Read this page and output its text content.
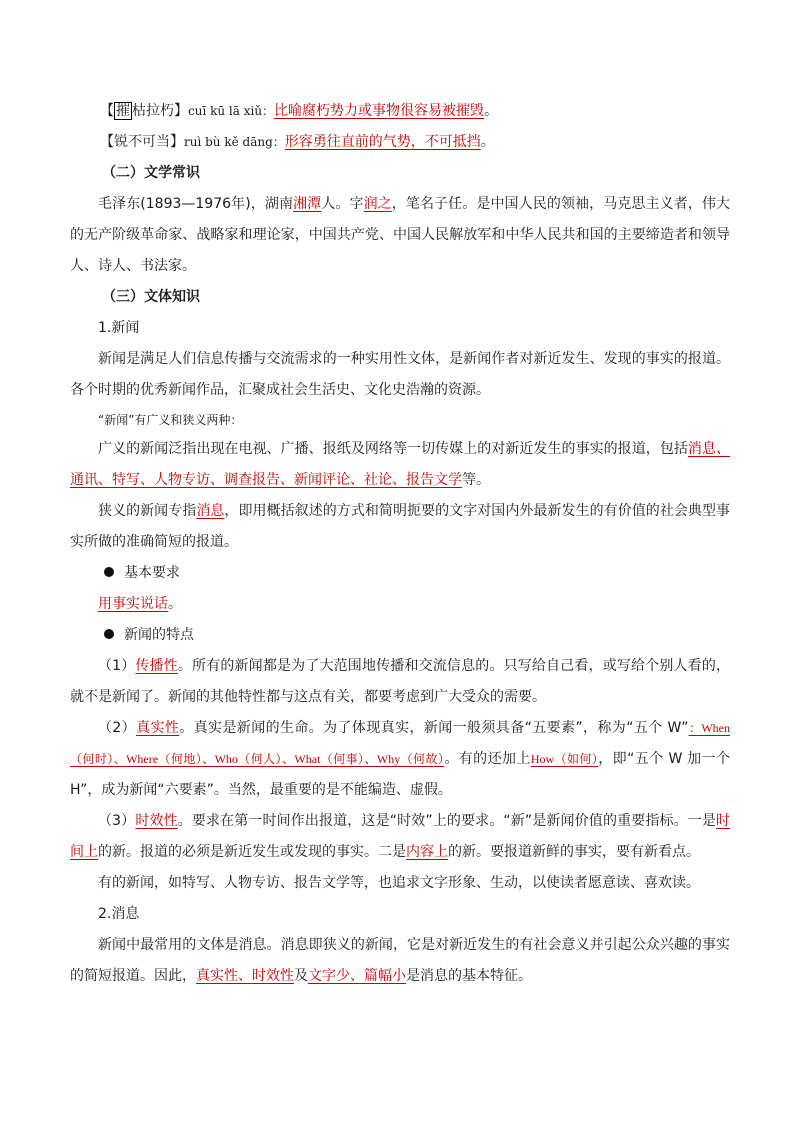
【 摧 枯拉朽】cuī kū lā xiǔ：比喻腐朽势力或事物很容易被摧毁。
【锐不可当】ruì bù kě dāng：形容勇往直前的气势，不可抵挡。
（二）文学常识
毛泽东(1893—1976年)，湖南湘潭人。字润之，笔名子任。是中国人民的领袖，马克思主义者，伟大的无产阶级革命家、战略家和理论家，中国共产党、中国人民解放军和中华人民共和国的主要缔造者和领导人、诗人、书法家。
（三）文体知识
1.新闻
新闻是满足人们信息传播与交流需求的一种实用性文体，是新闻作者对新近发生、发现的事实的报道。各个时期的优秀新闻作品，汇聚成社会生活史、文化史浩瀚的资源。
“新闻”有广义和狭义两种：
广义的新闻泛指出现在电视、广播、报纸及网络等一切传媒上的对新近发生的事实的报道，包括消息、通讯、特写、人物专访、调查报告、新闻评论、社论、报告文学等。
狭义的新闻专指消息，即用概括叙述的方式和简明扼要的文字对国内外最新发生的有价值的社会典型事实所做的准确简短的报道。
基本要求
用事实说话。
新闻的特点
（1）传播性。所有的新闻都是为了大范围地传播和交流信息的。只写给自己看，或写给个别人看的，就不是新闻了。新闻的其他特性都与这点有关，都要考虑到广大受众的需要。
（2）真实性。真实是新闻的生命。为了体现真实，新闻一般须具备“五要素”，称为“五个 W”：When（何时）、Where（何地）、Who（何人）、What（何事）、Why（何故）。有的还加上How（如何），即“五个 W 加一个 H”，成为新闻“六要素”。当然，最重要的是不能编造、虚假。
（3）时效性。要求在第一时间作出报道，这是“时效”上的要求。“新”是新闻价值的重要指标。一是时间上的新。报道的必须是新近发生或发现的事实。二是内容上的新。要报道新鲜的事实，要有新看点。
有的新闻，如特写、人物专访、报告文学等，也追求文字形象、生动，以使读者愿意读、喜欢读。
2.消息
新闻中最常用的文体是消息。消息即狭义的新闻，它是对新近发生的有社会意义并引起公众兴趣的事实的简短报道。因此，真实性、时效性及文字少、篇幅小是消息的基本特征。
